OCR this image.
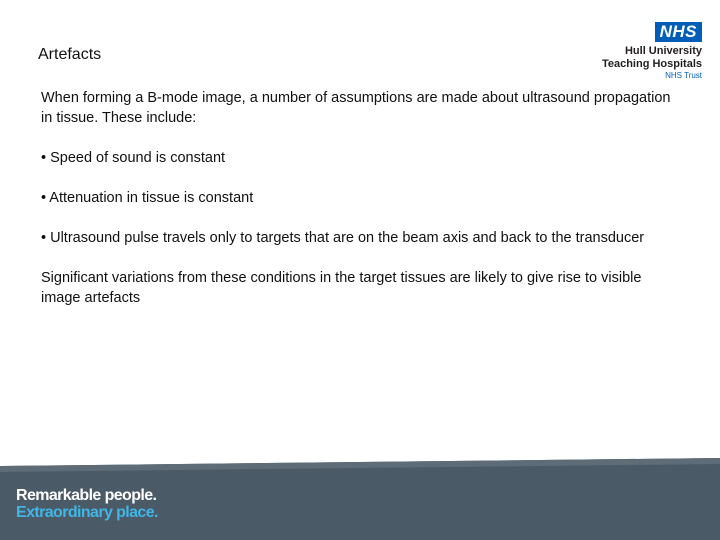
Artefacts
NHS
Hull University
Teaching Hospitals
NHS Trust

When forming a B-mode image, a number of assumptions are made about ultrasound propagation in tissue. These include:

• Speed of sound is constant

• Attenuation in tissue is constant

• Ultrasound pulse travels only to targets that are on the beam axis and back to the transducer

Significant variations from these conditions in the target tissues are likely to give rise to visible image artefacts

Remarkable people.
Extraordinary place.
